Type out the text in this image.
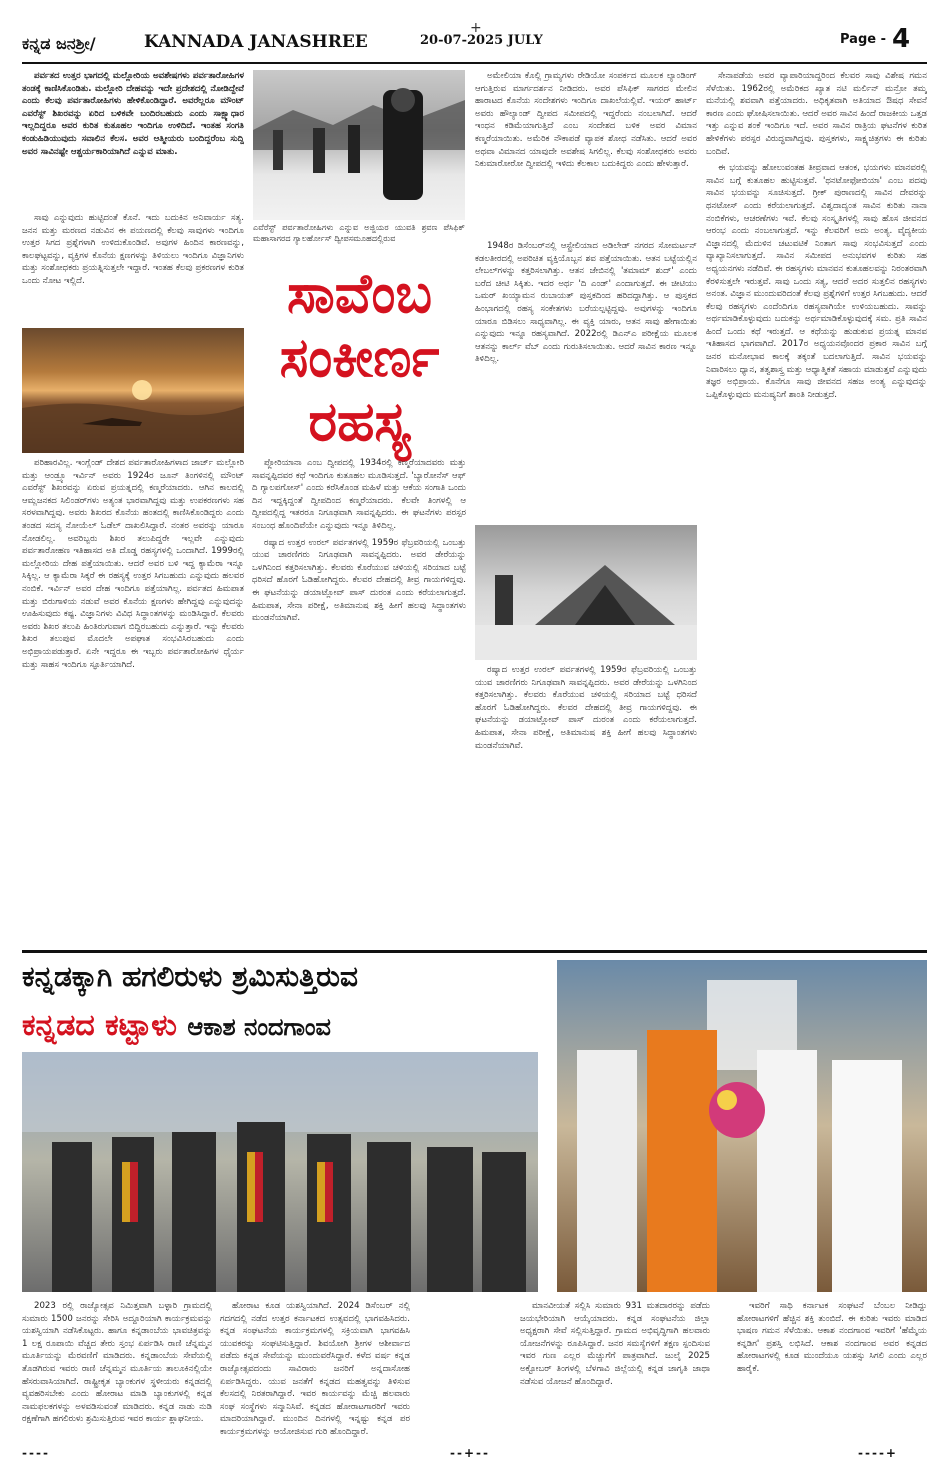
ಕನ್ನಡ ಜನಶ್ರೀ/	KANNADA JANASHREE	20-07-2025 JULY	Page - 4
+

ಪರ್ವತದ ಉತ್ತರ ಭಾಗದಲ್ಲಿ ಮಲ್ಲೋರಿಯ ಅವಶೇಷಗಳು ಪರ್ವತಾರೋಹಿಗಳ ತಂಡಕ್ಕೆ ಕಾಣಿಸಿಕೊಂಡಿತು. ಮಲ್ಲೋರಿ ದೇಹವನ್ನು ಇದೇ ಪ್ರದೇಶದಲ್ಲಿ ನೋಡಿದ್ದೇವೆ ಎಂದು ಕೆಲವು ಪರ್ವತಾರೋಹಿಗಳು ಹೇಳಿಕೊಂಡಿದ್ದಾರೆ. ಅವರೆಲ್ಲರೂ ಮೌಂಟ್ ಎವರೆಸ್ಟ್ ಶಿಖರವನ್ನು ಏರಿದ ಬಳಿಕವೇ ಬಂದಿರಬಹುದು ಎಂದು ಸಾಕ್ಷ್ಯಾಧಾರ ಇಲ್ಲದಿದ್ದರೂ ಅವರ ಕುರಿತ ಕುತೂಹಲ ಇಂದಿಗೂ ಉಳಿದಿದೆ. ಇಂತಹ ಸಂಗತಿ ಕಂಡುಹಿಡಿಯುವುದು ಸವಾಲಿನ ಕೆಲಸ. ಅವರ ಆತ್ಮೀಯರು ಬಂದಿದ್ದರೆಂಬ ಸುದ್ದಿ ಅವರ ಸಾವಿನಷ್ಟೇ ಆಶ್ಚರ್ಯಕಾರಿಯಾಗಿದೆ ಎನ್ನುವ ಮಾತು.

ಸಾವು ಎನ್ನುವುದು ಹುಟ್ಟಿದಂತೆ ಕೊನೆ. ಇದು ಬದುಕಿನ ಅನಿವಾರ್ಯ ಸತ್ಯ. ಜನನ ಮತ್ತು ಮರಣದ ನಡುವಿನ ಈ ಪಯಣದಲ್ಲಿ ಕೆಲವು ಸಾವುಗಳು ಇಂದಿಗೂ ಉತ್ತರ ಸಿಗದ ಪ್ರಶ್ನೆಗಳಾಗಿ ಉಳಿದುಕೊಂಡಿವೆ. ಅವುಗಳ ಹಿಂದಿನ ಕಾರಣವನ್ನು, ಕಾಲಘಟ್ಟವನ್ನು, ವ್ಯಕ್ತಿಗಳ ಕೊನೆಯ ಕ್ಷಣಗಳನ್ನು ತಿಳಿಯಲು ಇಂದಿಗೂ ವಿಜ್ಞಾನಿಗಳು ಮತ್ತು ಸಂಶೋಧಕರು ಪ್ರಯತ್ನಿಸುತ್ತಲೇ ಇದ್ದಾರೆ. ಇಂತಹ ಕೆಲವು ಪ್ರಕರಣಗಳ ಕುರಿತ ಒಂದು ನೋಟ ಇಲ್ಲಿದೆ.

ಎವೆರೆಸ್ಟ್ ಪರ್ವತಾರೋಹಿಗಳು ಎನ್ನುವ ಅಜ್ಜಿಯರ ಯುವತಿ ಶ್ರವಣ ಪೆಸಿಫಿಕ್ ಮಹಾಸಾಗರದ ಗ್ಯಾಲರ್ಹೋಸ್ ದ್ವೀಪಸಮೂಹದಲ್ಲಿರುವ
ಸಾವೆಂಬ
ಸಂಕೀರ್ಣ
ರಹಸ್ಯ

ಅಮೇಲಿಯಾ ಕೊಲ್ಲಿ ಗ್ರಾಮ್ಯಗಳು ರೇಡಿಯೋ ಸಂಪರ್ಕದ ಮೂಲಕ ಲ್ಯಾಂಡಿಂಗ್ ಆಗುತ್ತಿರುವ ಮಾರ್ಗದರ್ಶನ ನೀಡಿದರು. ಅವರ ಪೆಸಿಫಿಕ್ ಸಾಗರದ ಮೇಲಿನ ಹಾರಾಟದ ಕೊನೆಯ ಸಂದೇಶಗಳು ಇಂದಿಗೂ ದಾಖಲೆಯಲ್ಲಿವೆ. ಇಯರ್ ಹಾರ್ಟ್ ಅವರು ಹೌಲ್ಯಾಂಡ್ ದ್ವೀಪದ ಸಮೀಪದಲ್ಲಿ ಇದ್ದರೆಂದು ನಂಬಲಾಗಿದೆ. ಆದರೆ ಇಂಧನ ಕಡಿಮೆಯಾಗುತ್ತಿದೆ ಎಂಬ ಸಂದೇಶದ ಬಳಿಕ ಅವರ ವಿಮಾನ ಕಣ್ಮರೆಯಾಯಿತು. ಅಮೆರಿಕ ನೌಕಾಪಡೆ ವ್ಯಾಪಕ ಶೋಧ ನಡೆಸಿತು. ಆದರೆ ಅವರ ಅಥವಾ ವಿಮಾನದ ಯಾವುದೇ ಅವಶೇಷ ಸಿಗಲಿಲ್ಲ. ಕೆಲವು ಸಂಶೋಧಕರು ಅವರು ನಿಕುಮಾರೋರೋ ದ್ವೀಪದಲ್ಲಿ ಇಳಿದು ಕೆಲಕಾಲ ಬದುಕಿದ್ದರು ಎಂದು ಹೇಳುತ್ತಾರೆ.

1948ರ ಡಿಸೆಂಬರ್‌ನಲ್ಲಿ ಆಸ್ಟ್ರೇಲಿಯಾದ ಅಡಿಲೇಡ್ ನಗರದ ಸೋಮರ್ಟನ್ ಕಡಲತೀರದಲ್ಲಿ ಅಪರಿಚಿತ ವ್ಯಕ್ತಿಯೊಬ್ಬನ ಶವ ಪತ್ತೆಯಾಯಿತು. ಆತನ ಬಟ್ಟೆಯಲ್ಲಿನ ಲೇಬಲ್‌ಗಳನ್ನು ಕತ್ತರಿಸಲಾಗಿತ್ತು. ಆತನ ಜೇಬಿನಲ್ಲಿ 'ತಮಾಮ್ ಶುದ್' ಎಂದು ಬರೆದ ಚೀಟಿ ಸಿಕ್ಕಿತು. ಇದರ ಅರ್ಥ 'ದಿ ಎಂಡ್' ಎಂದಾಗುತ್ತದೆ. ಈ ಚೀಟಿಯು ಒಮರ್ ಖಯ್ಯಾಮನ ರುಬಾಯತ್ ಪುಸ್ತಕದಿಂದ ಹರಿದದ್ದಾಗಿತ್ತು. ಆ ಪುಸ್ತಕದ ಹಿಂಭಾಗದಲ್ಲಿ ರಹಸ್ಯ ಸಂಕೇತಗಳು ಬರೆಯಲ್ಪಟ್ಟಿದ್ದವು. ಅವುಗಳನ್ನು ಇಂದಿಗೂ ಯಾರೂ ಬಿಡಿಸಲು ಸಾಧ್ಯವಾಗಿಲ್ಲ. ಈ ವ್ಯಕ್ತಿ ಯಾರು, ಆತನ ಸಾವು ಹೇಗಾಯಿತು ಎನ್ನುವುದು ಇನ್ನೂ ರಹಸ್ಯವಾಗಿದೆ. 2022ರಲ್ಲಿ ಡಿಎನ್‌ಎ ಪರೀಕ್ಷೆಯ ಮೂಲಕ ಆತನನ್ನು ಕಾರ್ಲ್ ವೆಬ್ ಎಂದು ಗುರುತಿಸಲಾಯಿತು. ಆದರೆ ಸಾವಿನ ಕಾರಣ ಇನ್ನೂ ತಿಳಿದಿಲ್ಲ.

ಸೇನಾಪಡೆಯ ಅವರ ವ್ಯಾಪಾರಿಯಾದ್ದರಿಂದ ಕೆಲವರ ಸಾವು ವಿಶೇಷ ಗಮನ ಸೆಳೆಯಿತು. 1962ರಲ್ಲಿ ಅಮೆರಿಕದ ಖ್ಯಾತ ನಟಿ ಮರ್ಲಿನ್ ಮನ್ರೋ ತಮ್ಮ ಮನೆಯಲ್ಲಿ ಶವವಾಗಿ ಪತ್ತೆಯಾದರು. ಅಧಿಕೃತವಾಗಿ ಅತಿಯಾದ ಔಷಧ ಸೇವನೆ ಕಾರಣ ಎಂದು ಘೋಷಿಸಲಾಯಿತು. ಆದರೆ ಅವರ ಸಾವಿನ ಹಿಂದೆ ರಾಜಕೀಯ ಒತ್ತಡ ಇತ್ತು ಎನ್ನುವ ಶಂಕೆ ಇಂದಿಗೂ ಇದೆ. ಅವರ ಸಾವಿನ ರಾತ್ರಿಯ ಘಟನೆಗಳ ಕುರಿತ ಹೇಳಿಕೆಗಳು ಪರಸ್ಪರ ವಿರುದ್ಧವಾಗಿದ್ದವು. ಪುಸ್ತಕಗಳು, ಸಾಕ್ಷ್ಯಚಿತ್ರಗಳು ಈ ಕುರಿತು ಬಂದಿವೆ.

ಈ ಭಯವನ್ನು ಹೋಲುವಂತಹ ತೀವ್ರವಾದ ಆತಂಕ, ಭಯಗಳು ಮಾನವರಲ್ಲಿ ಸಾವಿನ ಬಗ್ಗೆ ಕುತೂಹಲ ಹುಟ್ಟಿಸುತ್ತವೆ. 'ಥನಟೋಫೋಬಿಯಾ' ಎಂಬ ಪದವು ಸಾವಿನ ಭಯವನ್ನು ಸೂಚಿಸುತ್ತದೆ. ಗ್ರೀಕ್ ಪುರಾಣದಲ್ಲಿ ಸಾವಿನ ದೇವರನ್ನು ಥನಟೋಸ್ ಎಂದು ಕರೆಯಲಾಗುತ್ತದೆ. ವಿಶ್ವದಾದ್ಯಂತ ಸಾವಿನ ಕುರಿತು ನಾನಾ ನಂಬಿಕೆಗಳು, ಆಚರಣೆಗಳು ಇವೆ. ಕೆಲವು ಸಂಸ್ಕೃತಿಗಳಲ್ಲಿ ಸಾವು ಹೊಸ ಜೀವನದ ಆರಂಭ ಎಂದು ನಂಬಲಾಗುತ್ತದೆ. ಇನ್ನು ಕೆಲವರಿಗೆ ಅದು ಅಂತ್ಯ. ವೈದ್ಯಕೀಯ ವಿಜ್ಞಾನದಲ್ಲಿ ಮೆದುಳಿನ ಚಟುವಟಿಕೆ ನಿಂತಾಗ ಸಾವು ಸಂಭವಿಸುತ್ತದೆ ಎಂದು ವ್ಯಾಖ್ಯಾನಿಸಲಾಗುತ್ತದೆ. ಸಾವಿನ ಸಮೀಪದ ಅನುಭವಗಳ ಕುರಿತು ಸಹ ಅಧ್ಯಯನಗಳು ನಡೆದಿವೆ. ಈ ರಹಸ್ಯಗಳು ಮಾನವನ ಕುತೂಹಲವನ್ನು ನಿರಂತರವಾಗಿ ಕೆರಳಿಸುತ್ತಲೇ ಇರುತ್ತವೆ. ಸಾವು ಒಂದು ಸತ್ಯ, ಆದರೆ ಅದರ ಸುತ್ತಲಿನ ರಹಸ್ಯಗಳು ಅನಂತ. ವಿಜ್ಞಾನ ಮುಂದುವರಿದಂತೆ ಕೆಲವು ಪ್ರಶ್ನೆಗಳಿಗೆ ಉತ್ತರ ಸಿಗಬಹುದು. ಆದರೆ ಕೆಲವು ರಹಸ್ಯಗಳು ಎಂದೆಂದಿಗೂ ರಹಸ್ಯವಾಗಿಯೇ ಉಳಿಯಬಹುದು. ಸಾವನ್ನು ಅರ್ಥಮಾಡಿಕೊಳ್ಳುವುದು ಬದುಕನ್ನು ಅರ್ಥಮಾಡಿಕೊಳ್ಳುವುದಕ್ಕೆ ಸಮ. ಪ್ರತಿ ಸಾವಿನ ಹಿಂದೆ ಒಂದು ಕಥೆ ಇರುತ್ತದೆ. ಆ ಕಥೆಯನ್ನು ಹುಡುಕುವ ಪ್ರಯತ್ನ ಮಾನವ ಇತಿಹಾಸದ ಭಾಗವಾಗಿದೆ. 2017ರ ಅಧ್ಯಯನವೊಂದರ ಪ್ರಕಾರ ಸಾವಿನ ಬಗ್ಗೆ ಜನರ ಮನೋಭಾವ ಕಾಲಕ್ಕೆ ತಕ್ಕಂತೆ ಬದಲಾಗುತ್ತಿದೆ. ಸಾವಿನ ಭಯವನ್ನು ನಿವಾರಿಸಲು ಧ್ಯಾನ, ತತ್ವಶಾಸ್ತ್ರ ಮತ್ತು ಆಧ್ಯಾತ್ಮಿಕತೆ ಸಹಾಯ ಮಾಡುತ್ತವೆ ಎನ್ನುವುದು ತಜ್ಞರ ಅಭಿಪ್ರಾಯ. ಕೊನೆಗೂ ಸಾವು ಜೀವನದ ಸಹಜ ಅಂತ್ಯ ಎನ್ನುವುದನ್ನು ಒಪ್ಪಿಕೊಳ್ಳುವುದು ಮನುಷ್ಯನಿಗೆ ಶಾಂತಿ ನೀಡುತ್ತದೆ.

ಪರಿಹಾರವಿಲ್ಲ. ಇಂಗ್ಲೆಂಡ್ ದೇಶದ ಪರ್ವತಾರೋಹಿಗಳಾದ ಜಾರ್ಜ್ ಮಲ್ಲೋರಿ ಮತ್ತು ಆಂಡ್ರ್ಯೂ ಇರ್ವಿನ್ ಅವರು 1924ರ ಜೂನ್ ತಿಂಗಳಿನಲ್ಲಿ ಮೌಂಟ್ ಎವರೆಸ್ಟ್ ಶಿಖರವನ್ನು ಏರುವ ಪ್ರಯತ್ನದಲ್ಲಿ ಕಣ್ಮರೆಯಾದರು. ಆಗಿನ ಕಾಲದಲ್ಲಿ ಆಮ್ಲಜನಕದ ಸಿಲಿಂಡರ್‌ಗಳು ಅತ್ಯಂತ ಭಾರವಾಗಿದ್ದವು ಮತ್ತು ಉಪಕರಣಗಳು ಸಹ ಸರಳವಾಗಿದ್ದವು. ಅವರು ಶಿಖರದ ಕೊನೆಯ ಹಂತದಲ್ಲಿ ಕಾಣಿಸಿಕೊಂಡಿದ್ದರು ಎಂದು ತಂಡದ ಸದಸ್ಯ ನೋಯೆಲ್ ಓಡೆಲ್ ದಾಖಲಿಸಿದ್ದಾರೆ. ನಂತರ ಅವರನ್ನು ಯಾರೂ ನೋಡಲಿಲ್ಲ. ಅವರಿಬ್ಬರು ಶಿಖರ ತಲುಪಿದ್ದರೇ ಇಲ್ಲವೇ ಎನ್ನುವುದು ಪರ್ವತಾರೋಹಣ ಇತಿಹಾಸದ ಅತಿ ದೊಡ್ಡ ರಹಸ್ಯಗಳಲ್ಲಿ ಒಂದಾಗಿದೆ. 1999ರಲ್ಲಿ ಮಲ್ಲೋರಿಯ ದೇಹ ಪತ್ತೆಯಾಯಿತು. ಆದರೆ ಅವರ ಬಳಿ ಇದ್ದ ಕ್ಯಾಮೆರಾ ಇನ್ನೂ ಸಿಕ್ಕಿಲ್ಲ. ಆ ಕ್ಯಾಮೆರಾ ಸಿಕ್ಕರೆ ಈ ರಹಸ್ಯಕ್ಕೆ ಉತ್ತರ ಸಿಗಬಹುದು ಎನ್ನುವುದು ಹಲವರ ನಂಬಿಕೆ. ಇರ್ವಿನ್ ಅವರ ದೇಹ ಇಂದಿಗೂ ಪತ್ತೆಯಾಗಿಲ್ಲ. ಪರ್ವತದ ಹಿಮಪಾತ ಮತ್ತು ಬಿರುಗಾಳಿಯ ನಡುವೆ ಅವರ ಕೊನೆಯ ಕ್ಷಣಗಳು ಹೇಗಿದ್ದವು ಎನ್ನುವುದನ್ನು ಊಹಿಸುವುದು ಕಷ್ಟ. ವಿಜ್ಞಾನಿಗಳು ವಿವಿಧ ಸಿದ್ಧಾಂತಗಳನ್ನು ಮಂಡಿಸಿದ್ದಾರೆ. ಕೆಲವರು ಅವರು ಶಿಖರ ತಲುಪಿ ಹಿಂತಿರುಗುವಾಗ ಬಿದ್ದಿರಬಹುದು ಎನ್ನುತ್ತಾರೆ. ಇನ್ನು ಕೆಲವರು ಶಿಖರ ತಲುಪುವ ಮೊದಲೇ ಅಪಘಾತ ಸಂಭವಿಸಿರಬಹುದು ಎಂದು ಅಭಿಪ್ರಾಯಪಡುತ್ತಾರೆ. ಏನೇ ಇದ್ದರೂ ಈ ಇಬ್ಬರು ಪರ್ವತಾರೋಹಿಗಳ ಧೈರ್ಯ ಮತ್ತು ಸಾಹಸ ಇಂದಿಗೂ ಸ್ಫೂರ್ತಿಯಾಗಿದೆ.

ಪ್ಲೋರಿಯಾನಾ ಎಂಬ ದ್ವೀಪದಲ್ಲಿ 1934ರಲ್ಲಿ ಕಣ್ಮರೆಯಾದವರು ಮತ್ತು ಸಾವನ್ನಪ್ಪಿದವರ ಕಥೆ ಇಂದಿಗೂ ಕುತೂಹಲ ಮೂಡಿಸುತ್ತದೆ. 'ಬ್ಯಾರೋನೆಸ್ ಆಫ್ ದಿ ಗ್ಯಾಲಪಗೋಸ್' ಎಂದು ಕರೆಸಿಕೊಂಡ ಮಹಿಳೆ ಮತ್ತು ಆಕೆಯ ಸಂಗಾತಿ ಒಂದು ದಿನ ಇದ್ದಕ್ಕಿದ್ದಂತೆ ದ್ವೀಪದಿಂದ ಕಣ್ಮರೆಯಾದರು. ಕೆಲವೇ ತಿಂಗಳಲ್ಲಿ ಆ ದ್ವೀಪದಲ್ಲಿದ್ದ ಇತರರೂ ನಿಗೂಢವಾಗಿ ಸಾವನ್ನಪ್ಪಿದರು. ಈ ಘಟನೆಗಳು ಪರಸ್ಪರ ಸಂಬಂಧ ಹೊಂದಿವೆಯೇ ಎನ್ನುವುದು ಇನ್ನೂ ತಿಳಿದಿಲ್ಲ.

ರಷ್ಯಾದ ಉತ್ತರ ಉರಲ್ ಪರ್ವತಗಳಲ್ಲಿ 1959ರ ಫೆಬ್ರವರಿಯಲ್ಲಿ ಒಂಬತ್ತು ಯುವ ಚಾರಣಿಗರು ನಿಗೂಢವಾಗಿ ಸಾವನ್ನಪ್ಪಿದರು. ಅವರ ಡೇರೆಯನ್ನು ಒಳಗಿನಿಂದ ಕತ್ತರಿಸಲಾಗಿತ್ತು. ಕೆಲವರು ಕೊರೆಯುವ ಚಳಿಯಲ್ಲಿ ಸರಿಯಾದ ಬಟ್ಟೆ ಧರಿಸದೆ ಹೊರಗೆ ಓಡಿಹೋಗಿದ್ದರು. ಕೆಲವರ ದೇಹದಲ್ಲಿ ತೀವ್ರ ಗಾಯಗಳಿದ್ದವು. ಈ ಘಟನೆಯನ್ನು ಡಯಾಟ್ಲೋವ್ ಪಾಸ್ ದುರಂತ ಎಂದು ಕರೆಯಲಾಗುತ್ತದೆ. ಹಿಮಪಾತ, ಸೇನಾ ಪರೀಕ್ಷೆ, ಅತಿಮಾನುಷ ಶಕ್ತಿ ಹೀಗೆ ಹಲವು ಸಿದ್ಧಾಂತಗಳು ಮಂಡನೆಯಾಗಿವೆ.

ರಷ್ಯಾದ ಉತ್ತರ ಉರಲ್ ಪರ್ವತಗಳಲ್ಲಿ 1959ರ ಫೆಬ್ರವರಿಯಲ್ಲಿ ಒಂಬತ್ತು ಯುವ ಚಾರಣಿಗರು ನಿಗೂಢವಾಗಿ ಸಾವನ್ನಪ್ಪಿದರು. ಅವರ ಡೇರೆಯನ್ನು ಒಳಗಿನಿಂದ ಕತ್ತರಿಸಲಾಗಿತ್ತು. ಕೆಲವರು ಕೊರೆಯುವ ಚಳಿಯಲ್ಲಿ ಸರಿಯಾದ ಬಟ್ಟೆ ಧರಿಸದೆ ಹೊರಗೆ ಓಡಿಹೋಗಿದ್ದರು. ಕೆಲವರ ದೇಹದಲ್ಲಿ ತೀವ್ರ ಗಾಯಗಳಿದ್ದವು. ಈ ಘಟನೆಯನ್ನು ಡಯಾಟ್ಲೋವ್ ಪಾಸ್ ದುರಂತ ಎಂದು ಕರೆಯಲಾಗುತ್ತದೆ. ಹಿಮಪಾತ, ಸೇನಾ ಪರೀಕ್ಷೆ, ಅತಿಮಾನುಷ ಶಕ್ತಿ ಹೀಗೆ ಹಲವು ಸಿದ್ಧಾಂತಗಳು ಮಂಡನೆಯಾಗಿವೆ.

ಕನ್ನಡಕ್ಕಾಗಿ ಹಗಲಿರುಳು ಶ್ರಮಿಸುತ್ತಿರುವ
ಕನ್ನಡದ ಕಟ್ಟಾಳು ಆಕಾಶ ನಂದಗಾಂವ

2023 ರಲ್ಲಿ ರಾಜ್ಯೋತ್ಸವ ನಿಮಿತ್ತವಾಗಿ ಬಳ್ಳಾರಿ ಗ್ರಾಮದಲ್ಲಿ ಸುಮಾರು 1500 ಜನರನ್ನು ಸೇರಿಸಿ ಅದ್ದೂರಿಯಾಗಿ ಕಾರ್ಯಕ್ರಮವನ್ನು ಯಶಸ್ವಿಯಾಗಿ ನಡೆಸಿಕೊಟ್ಟರು. ಹಾಗೂ ಕನ್ನಡಾಂಬೆಯ ಭಾವಚಿತ್ರವನ್ನು 1 ಲಕ್ಷ ರೂಪಾಯಿ ವೆಚ್ಚದ ತೇರು ಸ್ತಂಭ ಏರ್ಪಡಿಸಿ ರಾಣಿ ಚೆನ್ನಮ್ಮನ ಮೂರ್ತಿಯನ್ನು ಮೆರವಣಿಗೆ ಮಾಡಿದರು. ಕನ್ನಡಾಂಬೆಯ ಸೇವೆಯಲ್ಲಿ ತೊಡಗಿರುವ ಇವರು ರಾಣಿ ಚೆನ್ನಮ್ಮನ ಮೂರ್ತಿಯ ತಾಲೂಕಿನಲ್ಲಿಯೇ ಹೆಸರುವಾಸಿಯಾಗಿದೆ. ರಾಷ್ಟ್ರೀಕೃತ ಬ್ಯಾಂಕುಗಳ ಸ್ಥಳೀಯರು ಕನ್ನಡದಲ್ಲಿ ವ್ಯವಹರಿಸಬೇಕು ಎಂದು ಹೋರಾಟ ಮಾಡಿ ಬ್ಯಾಂಕುಗಳಲ್ಲಿ ಕನ್ನಡ ನಾಮಫಲಕಗಳನ್ನು ಅಳವಡಿಸುವಂತೆ ಮಾಡಿದರು. ಕನ್ನಡ ನಾಡು ನುಡಿ ರಕ್ಷಣೆಗಾಗಿ ಹಗಲಿರುಳು ಶ್ರಮಿಸುತ್ತಿರುವ ಇವರ ಕಾರ್ಯ ಶ್ಲಾಘನೀಯ.

ಹೋರಾಟ ಕೂಡ ಯಶಸ್ವಿಯಾಗಿದೆ. 2024 ಡಿಸೆಂಬರ್ ನಲ್ಲಿ ಗದಗದಲ್ಲಿ ನಡೆದ ಉತ್ತರ ಕರ್ನಾಟಕದ ಉತ್ಸವದಲ್ಲಿ ಭಾಗವಹಿಸಿದರು. ಕನ್ನಡ ಸಂಘಟನೆಯ ಕಾರ್ಯಕ್ರಮಗಳಲ್ಲಿ ಸಕ್ರಿಯವಾಗಿ ಭಾಗವಹಿಸಿ ಯುವಕರನ್ನು ಸಂಘಟಿಸುತ್ತಿದ್ದಾರೆ. ಶಿವಯೋಗಿ ಶ್ರೀಗಳ ಆಶೀರ್ವಾದ ಪಡೆದು ಕನ್ನಡ ಸೇವೆಯನ್ನು ಮುಂದುವರೆಸಿದ್ದಾರೆ. ಕಳೆದ ವರ್ಷ ಕನ್ನಡ ರಾಜ್ಯೋತ್ಸವದಂದು ಸಾವಿರಾರು ಜನರಿಗೆ ಅನ್ನದಾಸೋಹ ಏರ್ಪಡಿಸಿದ್ದರು. ಯುವ ಜನತೆಗೆ ಕನ್ನಡದ ಮಹತ್ವವನ್ನು ತಿಳಿಸುವ ಕೆಲಸದಲ್ಲಿ ನಿರತರಾಗಿದ್ದಾರೆ. ಇವರ ಕಾರ್ಯವನ್ನು ಮೆಚ್ಚಿ ಹಲವಾರು ಸಂಘ ಸಂಸ್ಥೆಗಳು ಸನ್ಮಾನಿಸಿವೆ. ಕನ್ನಡದ ಹೋರಾಟಗಾರರಿಗೆ ಇವರು ಮಾದರಿಯಾಗಿದ್ದಾರೆ. ಮುಂದಿನ ದಿನಗಳಲ್ಲಿ ಇನ್ನಷ್ಟು ಕನ್ನಡ ಪರ ಕಾರ್ಯಕ್ರಮಗಳನ್ನು ಆಯೋಜಿಸುವ ಗುರಿ ಹೊಂದಿದ್ದಾರೆ.

ಮಾನವೀಯತೆ ಸಲ್ಲಿಸಿ ಸುಮಾರು 931 ಮತದಾರರನ್ನು ಪಡೆದು ಜಯಭೇರಿಯಾಗಿ ಆಯ್ಕೆಯಾದರು. ಕನ್ನಡ ಸಂಘಟನೆಯ ಜಿಲ್ಲಾ ಅಧ್ಯಕ್ಷರಾಗಿ ಸೇವೆ ಸಲ್ಲಿಸುತ್ತಿದ್ದಾರೆ. ಗ್ರಾಮದ ಅಭಿವೃದ್ಧಿಗಾಗಿ ಹಲವಾರು ಯೋಜನೆಗಳನ್ನು ರೂಪಿಸಿದ್ದಾರೆ. ಜನರ ಸಮಸ್ಯೆಗಳಿಗೆ ತಕ್ಷಣ ಸ್ಪಂದಿಸುವ ಇವರ ಗುಣ ಎಲ್ಲರ ಮೆಚ್ಚುಗೆಗೆ ಪಾತ್ರವಾಗಿದೆ. ಜುಲೈ 2025 ಅಕ್ಟೋಬರ್ ತಿಂಗಳಲ್ಲಿ ಬೆಳಗಾವಿ ಜಿಲ್ಲೆಯಲ್ಲಿ ಕನ್ನಡ ಜಾಗೃತಿ ಜಾಥಾ ನಡೆಸುವ ಯೋಜನೆ ಹೊಂದಿದ್ದಾರೆ.

ಇವರಿಗೆ ಸಾಥಿ ಕರ್ನಾಟಕ ಸಂಘಟನೆ ಬೆಂಬಲ ನೀಡಿದ್ದು ಹೋರಾಟಗಳಿಗೆ ಹೆಚ್ಚಿನ ಶಕ್ತಿ ತುಂಬಿದೆ. ಈ ಕುರಿತು ಇವರು ಮಾಡಿದ ಭಾಷಣ ಗಮನ ಸೆಳೆಯಿತು. ಆಕಾಶ ನಂದಗಾಂವ ಇವರಿಗೆ 'ಹೆಮ್ಮೆಯ ಕನ್ನಡಿಗ' ಪ್ರಶಸ್ತಿ ಲಭಿಸಿದೆ. ಆಕಾಶ ನಂದಗಾಂವ ಅವರ ಕನ್ನಡದ ಹೋರಾಟಗಳಲ್ಲಿ ಕೂಡ ಮುಂದೆಯೂ ಯಶಸ್ಸು ಸಿಗಲಿ ಎಂದು ಎಲ್ಲರ ಹಾರೈಕೆ.

----	--+--	----+
